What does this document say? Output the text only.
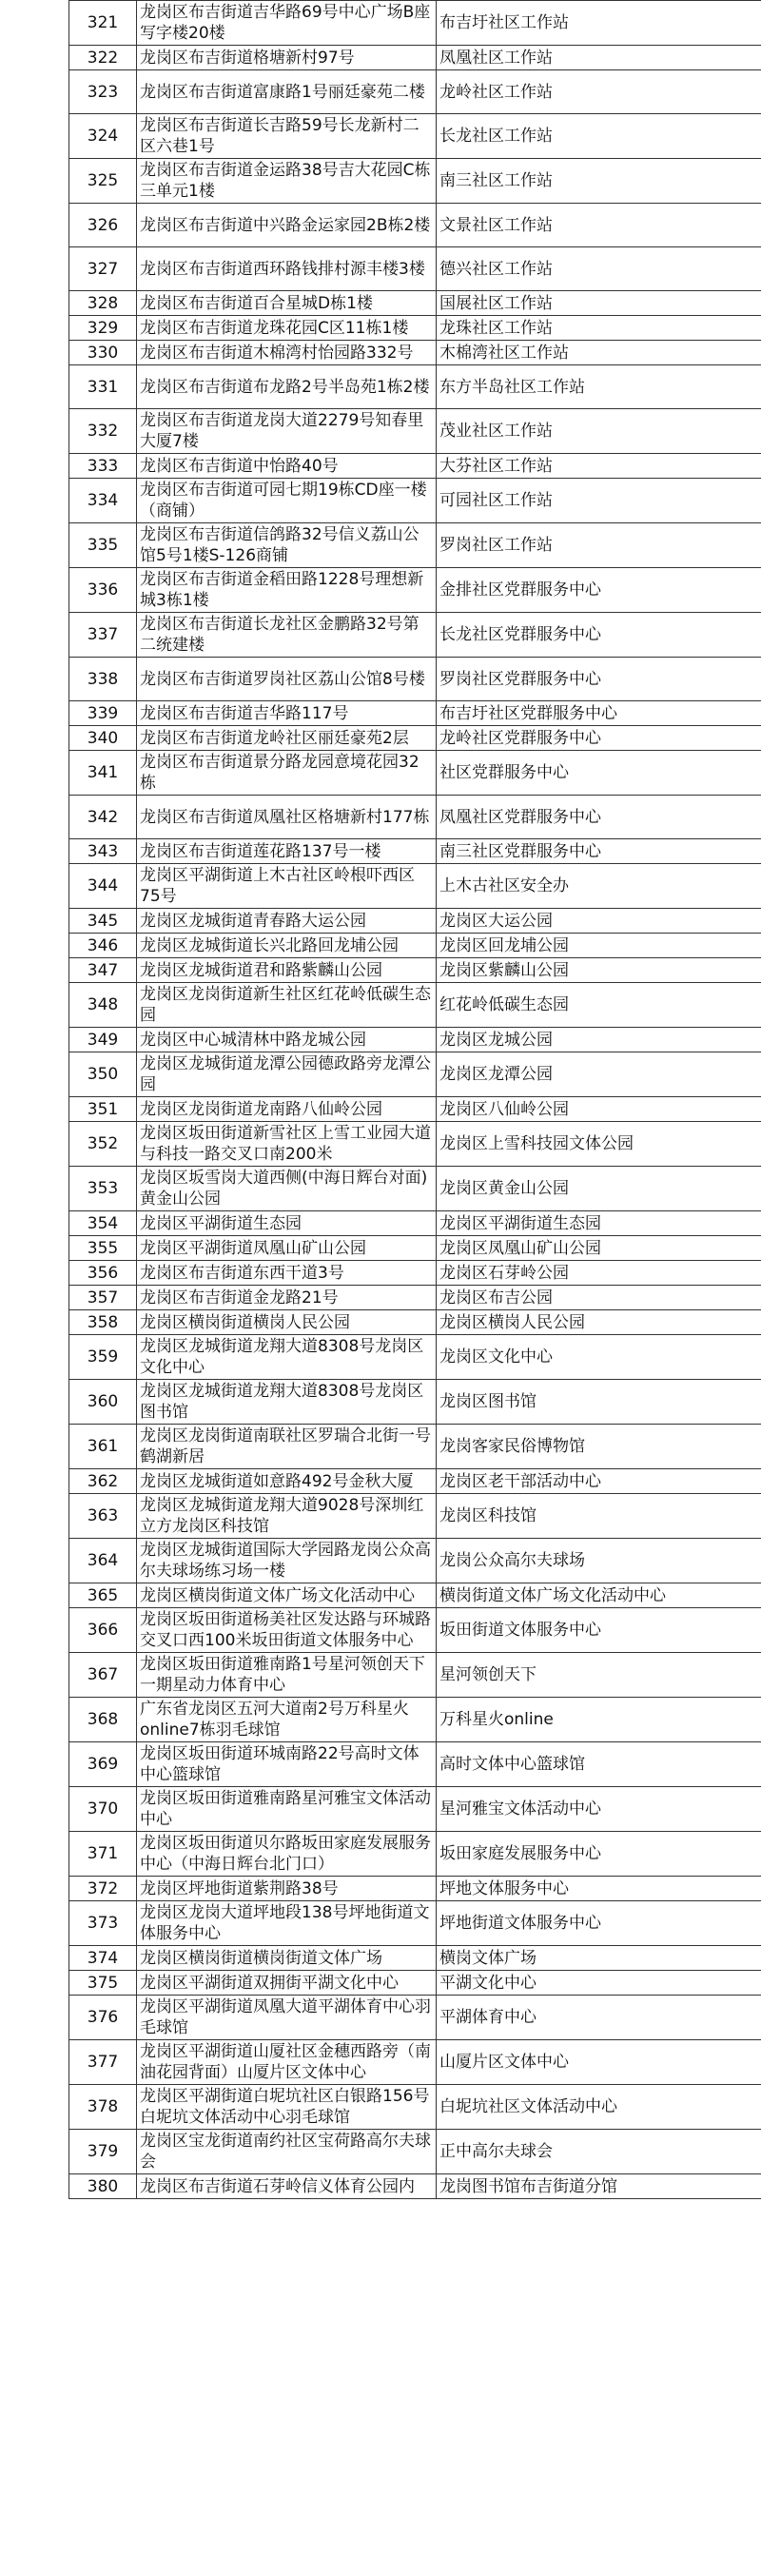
321	龙岗区布吉街道吉华路69号中心广场B座写字楼20楼	布吉圩社区工作站
322	龙岗区布吉街道格塘新村97号	凤凰社区工作站
323	龙岗区布吉街道富康路1号丽廷豪苑二楼	龙岭社区工作站
324	龙岗区布吉街道长吉路59号长龙新村二区六巷1号	长龙社区工作站
325	龙岗区布吉街道金运路38号吉大花园C栋三单元1楼	南三社区工作站
326	龙岗区布吉街道中兴路金运家园2B栋2楼	文景社区工作站
327	龙岗区布吉街道西环路钱排村源丰楼3楼	德兴社区工作站
328	龙岗区布吉街道百合星城D栋1楼	国展社区工作站
329	龙岗区布吉街道龙珠花园C区11栋1楼	龙珠社区工作站
330	龙岗区布吉街道木棉湾村怡园路332号	木棉湾社区工作站
331	龙岗区布吉街道布龙路2号半岛苑1栋2楼	东方半岛社区工作站
332	龙岗区布吉街道龙岗大道2279号知春里大厦7楼	茂业社区工作站
333	龙岗区布吉街道中怡路40号	大芬社区工作站
334	龙岗区布吉街道可园七期19栋CD座一楼（商铺）	可园社区工作站
335	龙岗区布吉街道信鸽路32号信义荔山公馆5号1楼S-126商铺	罗岗社区工作站
336	龙岗区布吉街道金稻田路1228号理想新城3栋1楼	金排社区党群服务中心
337	龙岗区布吉街道长龙社区金鹏路32号第二统建楼	长龙社区党群服务中心
338	龙岗区布吉街道罗岗社区荔山公馆8号楼	罗岗社区党群服务中心
339	龙岗区布吉街道吉华路117号	布吉圩社区党群服务中心
340	龙岗区布吉街道龙岭社区丽廷豪苑2层	龙岭社区党群服务中心
341	龙岗区布吉街道景分路龙园意境花园32栋	社区党群服务中心
342	龙岗区布吉街道凤凰社区格塘新村177栋	凤凰社区党群服务中心
343	龙岗区布吉街道莲花路137号一楼	南三社区党群服务中心
344	龙岗区平湖街道上木古社区岭根吓西区75号	上木古社区安全办
345	龙岗区龙城街道青春路大运公园	龙岗区大运公园
346	龙岗区龙城街道长兴北路回龙埔公园	龙岗区回龙埔公园
347	龙岗区龙城街道君和路紫麟山公园	龙岗区紫麟山公园
348	龙岗区龙岗街道新生社区红花岭低碳生态园	红花岭低碳生态园
349	龙岗区中心城清林中路龙城公园	龙岗区龙城公园
350	龙岗区龙城街道龙潭公园德政路旁龙潭公园	龙岗区龙潭公园
351	龙岗区龙岗街道龙南路八仙岭公园	龙岗区八仙岭公园
352	龙岗区坂田街道新雪社区上雪工业园大道与科技一路交叉口南200米	龙岗区上雪科技园文体公园
353	龙岗区坂雪岗大道西侧(中海日辉台对面)黄金山公园	龙岗区黄金山公园
354	龙岗区平湖街道生态园	龙岗区平湖街道生态园
355	龙岗区平湖街道凤凰山矿山公园	龙岗区凤凰山矿山公园
356	龙岗区布吉街道东西干道3号	龙岗区石芽岭公园
357	龙岗区布吉街道金龙路21号	龙岗区布吉公园
358	龙岗区横岗街道横岗人民公园	龙岗区横岗人民公园
359	龙岗区龙城街道龙翔大道8308号龙岗区文化中心	龙岗区文化中心
360	龙岗区龙城街道龙翔大道8308号龙岗区图书馆	龙岗区图书馆
361	龙岗区龙岗街道南联社区罗瑞合北街一号鹤湖新居	龙岗客家民俗博物馆
362	龙岗区龙城街道如意路492号金秋大厦	龙岗区老干部活动中心
363	龙岗区龙城街道龙翔大道9028号深圳红立方龙岗区科技馆	龙岗区科技馆
364	龙岗区龙城街道国际大学园路龙岗公众高尔夫球场练习场一楼	龙岗公众高尔夫球场
365	龙岗区横岗街道文体广场文化活动中心	横岗街道文体广场文化活动中心
366	龙岗区坂田街道杨美社区发达路与环城路交叉口西100米坂田街道文体服务中心	坂田街道文体服务中心
367	龙岗区坂田街道雅南路1号星河领创天下一期星动力体育中心	星河领创天下
368	广东省龙岗区五河大道南2号万科星火online7栋羽毛球馆	万科星火online
369	龙岗区坂田街道环城南路22号高时文体中心篮球馆	高时文体中心篮球馆
370	龙岗区坂田街道雅南路星河雅宝文体活动中心	星河雅宝文体活动中心
371	龙岗区坂田街道贝尔路坂田家庭发展服务中心（中海日辉台北门口）	坂田家庭发展服务中心
372	龙岗区坪地街道紫荆路38号	坪地文体服务中心
373	龙岗区龙岗大道坪地段138号坪地街道文体服务中心	坪地街道文体服务中心
374	龙岗区横岗街道横岗街道文体广场	横岗文体广场
375	龙岗区平湖街道双拥街平湖文化中心	平湖文化中心
376	龙岗区平湖街道凤凰大道平湖体育中心羽毛球馆	平湖体育中心
377	龙岗区平湖街道山厦社区金穗西路旁（南油花园背面）山厦片区文体中心	山厦片区文体中心
378	龙岗区平湖街道白坭坑社区白银路156号白坭坑文体活动中心羽毛球馆	白坭坑社区文体活动中心
379	龙岗区宝龙街道南约社区宝荷路高尔夫球会	正中高尔夫球会
380	龙岗区布吉街道石芽岭信义体育公园内	龙岗图书馆布吉街道分馆
